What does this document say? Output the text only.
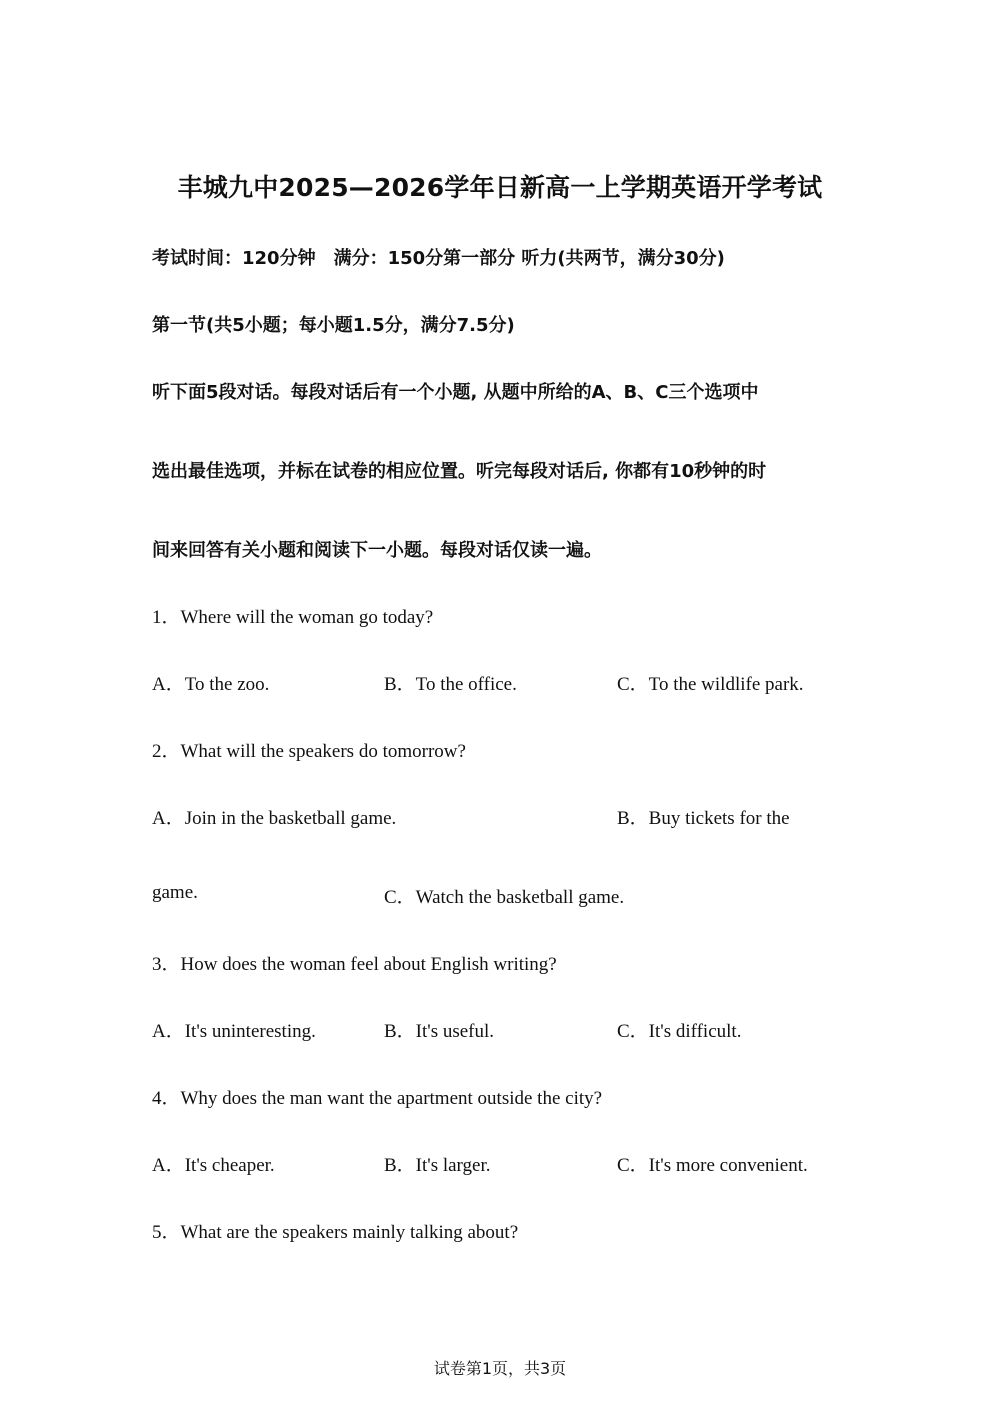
丰城九中2025—2026学年日新高一上学期英语开学考试
考试时间：120分钟　满分：150分第一部分 听力(共两节，满分30分)
第一节(共5小题；每小题1.5分，满分7.5分)
听下面5段对话。每段对话后有一个小题, 从题中所给的A、B、C三个选项中
选出最佳选项，并标在试卷的相应位置。听完每段对话后, 你都有10秒钟的时
间来回答有关小题和阅读下一小题。每段对话仅读一遍。
1．Where will the woman go today?
A．To the zoo.	B．To the office.	C．To the wildlife park.
2．What will the speakers do tomorrow?
A．Join in the basketball game.	B．Buy tickets for the
game.	C．Watch the basketball game.
3．How does the woman feel about English writing?
A．It's uninteresting.	B．It's useful.	C．It's difficult.
4．Why does the man want the apartment outside the city?
A．It's cheaper.	B．It's larger.	C．It's more convenient.
5．What are the speakers mainly talking about?
试卷第1页，共3页
